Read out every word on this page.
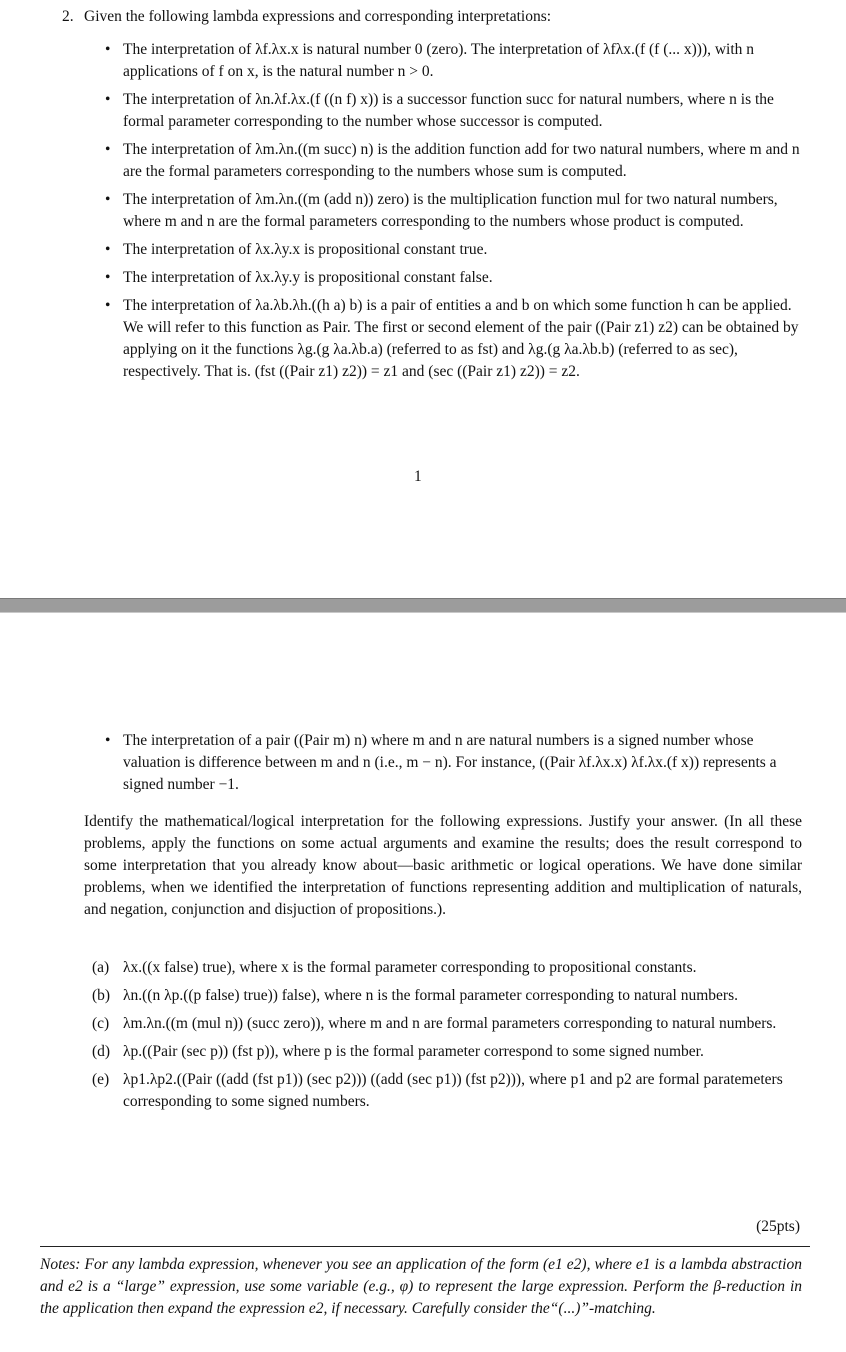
2. Given the following lambda expressions and corresponding interpretations:
• The interpretation of λf.λx.x is natural number 0 (zero). The interpretation of λfλx.(f (f (... x))), with n applications of f on x, is the natural number n > 0.
• The interpretation of λn.λf.λx.(f ((n f) x)) is a successor function succ for natural numbers, where n is the formal parameter corresponding to the number whose successor is computed.
• The interpretation of λm.λn.((m succ) n) is the addition function add for two natural numbers, where m and n are the formal parameters corresponding to the numbers whose sum is computed.
• The interpretation of λm.λn.((m (add n)) zero) is the multiplication function mul for two natural numbers, where m and n are the formal parameters corresponding to the numbers whose product is computed.
• The interpretation of λx.λy.x is propositional constant true.
• The interpretation of λx.λy.y is propositional constant false.
• The interpretation of λa.λb.λh.((h a) b) is a pair of entities a and b on which some function h can be applied. We will refer to this function as Pair. The first or second element of the pair ((Pair z1) z2) can be obtained by applying on it the functions λg.(g λa.λb.a) (referred to as fst) and λg.(g λa.λb.b) (referred to as sec), respectively. That is. (fst ((Pair z1) z2)) = z1 and (sec ((Pair z1) z2)) = z2.
1
• The interpretation of a pair ((Pair m) n) where m and n are natural numbers is a signed number whose valuation is difference between m and n (i.e., m − n). For instance, ((Pair λf.λx.x) λf.λx.(f x)) represents a signed number −1.
Identify the mathematical/logical interpretation for the following expressions. Justify your answer. (In all these problems, apply the functions on some actual arguments and examine the results; does the result correspond to some interpretation that you already know about—basic arithmetic or logical operations. We have done similar problems, when we identified the interpretation of functions representing addition and multiplication of naturals, and negation, conjunction and disjuction of propositions.).
(a) λx.((x false) true), where x is the formal parameter corresponding to propositional constants.
(b) λn.((n λp.((p false) true)) false), where n is the formal parameter corresponding to natural numbers.
(c) λm.λn.((m (mul n)) (succ zero)), where m and n are formal parameters corresponding to natural numbers.
(d) λp.((Pair (sec p)) (fst p)), where p is the formal parameter correspond to some signed number.
(e) λp1.λp2.((Pair ((add (fst p1)) (sec p2))) ((add (sec p1)) (fst p2))), where p1 and p2 are formal paratemeters corresponding to some signed numbers.
(25pts)
Notes: For any lambda expression, whenever you see an application of the form (e1 e2), where e1 is a lambda abstraction and e2 is a “large” expression, use some variable (e.g., φ) to represent the large expression. Perform the β-reduction in the application then expand the expression e2, if necessary. Carefully consider the“(...)”-matching.
